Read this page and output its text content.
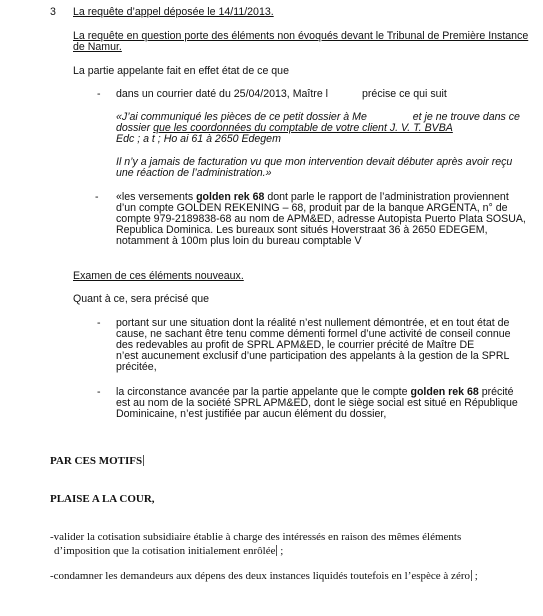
3 La requête d’appel déposée le 14/11/2013.
La requête en question porte des éléments non évoqués devant le Tribunal de Première Instance
de Namur.
La partie appelante fait en effet état de ce que
- dans un courrier daté du 25/04/2013, Maître l	précise ce qui suit
«J’ai communiqué les pièces de ce petit dossier à Me	et je ne trouve dans ce
dossier que les coordonnées du comptable de votre client J. V. T. BVBA
Edc ; a t ; Ho ai 61 à 2650 Edegem
Il n’y a jamais de facturation vu que mon intervention devait débuter après avoir reçu
une réaction de l’administration.»
- «les versements golden rek 68 dont parle le rapport de l’administration proviennent
d’un compte GOLDEN REKENING – 68, produit par de la banque ARGENTA, n° de
compte 979-2189838-68 au nom de APM&ED, adresse Autopista Puerto Plata SOSUA,
Republica Dominica. Les bureaux sont situés Hoverstraat 36 à 2650 EDEGEM,
notamment à 100m plus loin du bureau comptable V
Examen de ces éléments nouveaux.
Quant à ce, sera précisé que
- portant sur une situation dont la réalité n’est nullement démontrée, et en tout état de
cause, ne sachant être tenu comme démenti formel d’une activité de conseil connue
des redevables au profit de SPRL APM&ED, le courrier précité de Maître DE
n’est aucunement exclusif d’une participation des appelants à la gestion de la SPRL
précitée,
- la circonstance avancée par la partie appelante que le compte golden rek 68 précité
est au nom de la société SPRL APM&ED, dont le siège social est situé en République
Dominicaine, n’est justifiée par aucun élément du dossier,
PAR CES MOTIFS
PLAISE A LA COUR,
-valider la cotisation subsidiaire établie à charge des intéressés en raison des mêmes éléments
d’imposition que la cotisation initialement enrôlée ;
-condamner les demandeurs aux dépens des deux instances liquidés toutefois en l’espèce à zéro ;
